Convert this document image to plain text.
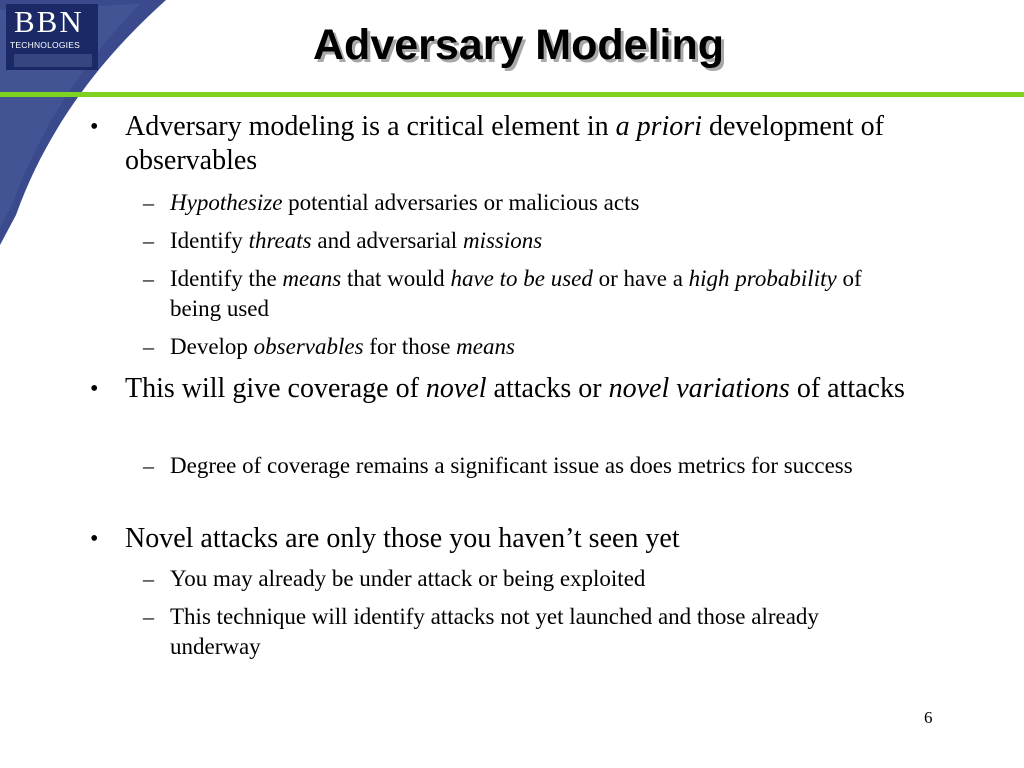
BBN
TECHNOLOGIES	Adversary Modeling
• Adversary modeling is a critical element in a priori development of observables

– Hypothesize potential adversaries or malicious acts

– Identify threats and adversarial missions

– Identify the means that would have to be used or have a high probability of being used

– Develop observables for those means

• This will give coverage of novel attacks or novel variations of attacks

– Degree of coverage remains a significant issue as does metrics for success

• Novel attacks are only those you haven’t seen yet

– You may already be under attack or being exploited

– This technique will identify attacks not yet launched and those already underway

6
